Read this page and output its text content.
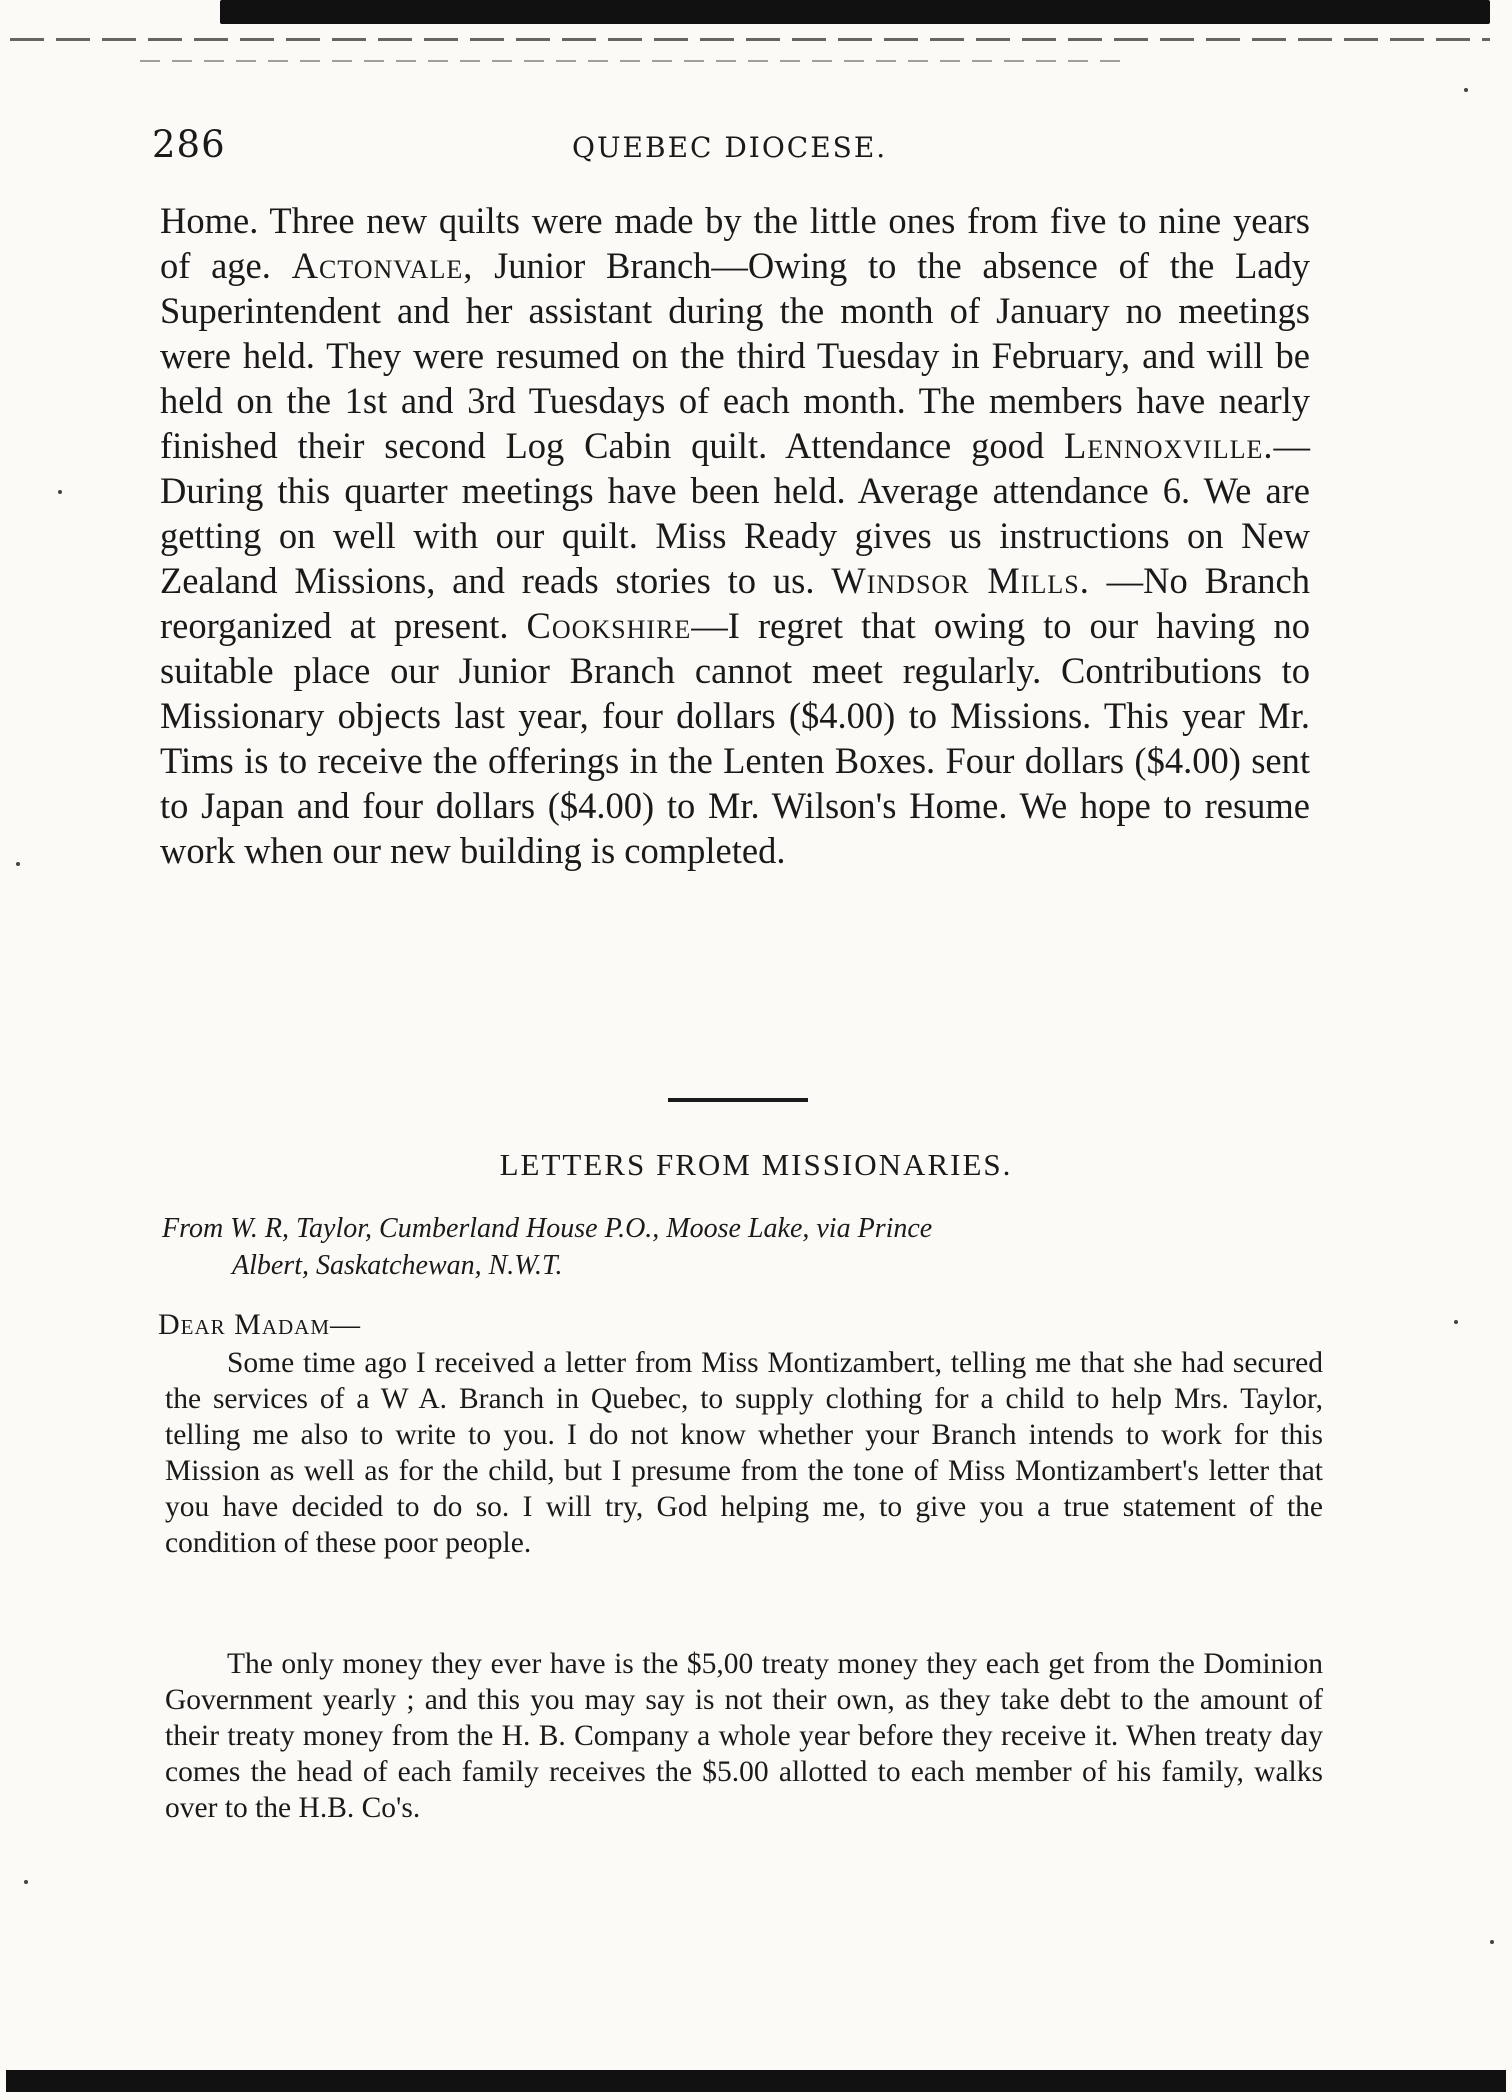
286	QUEBEC DIOCESE.

Home. Three new quilts were made by the little ones from five to nine years of age. Actonvale, Junior Branch—Owing to the absence of the Lady Superintendent and her assistant during the month of January no meetings were held. They were resumed on the third Tuesday in February, and will be held on the 1st and 3rd Tuesdays of each month. The members have nearly finished their second Log Cabin quilt. Attendance good Lennoxville.—During this quarter meetings have been held. Average attendance 6. We are getting on well with our quilt. Miss Ready gives us instructions on New Zealand Missions, and reads stories to us. Windsor Mills. —No Branch reorganized at present. Cookshire—I regret that owing to our having no suitable place our Junior Branch cannot meet regularly. Contributions to Missionary objects last year, four dollars ($4.00) to Missions. This year Mr. Tims is to receive the offerings in the Lenten Boxes. Four dollars ($4.00) sent to Japan and four dollars ($4.00) to Mr. Wilson's Home. We hope to resume work when our new building is completed.

LETTERS FROM MISSIONARIES.

From W. R, Taylor, Cumberland House P.O., Moose Lake, via Prince
Albert, Saskatchewan, N.W.T.

Dear Madam—

Some time ago I received a letter from Miss Montizambert, telling me that she had secured the services of a W A. Branch in Quebec, to supply clothing for a child to help Mrs. Taylor, telling me also to write to you. I do not know whether your Branch intends to work for this Mission as well as for the child, but I presume from the tone of Miss Montizambert's letter that you have decided to do so. I will try, God helping me, to give you a true statement of the condition of these poor people.

The only money they ever have is the $5,00 treaty money they each get from the Dominion Government yearly ; and this you may say is not their own, as they take debt to the amount of their treaty money from the H. B. Company a whole year before they receive it. When treaty day comes the head of each family receives the $5.00 allotted to each member of his family, walks over to the H.B. Co's.
